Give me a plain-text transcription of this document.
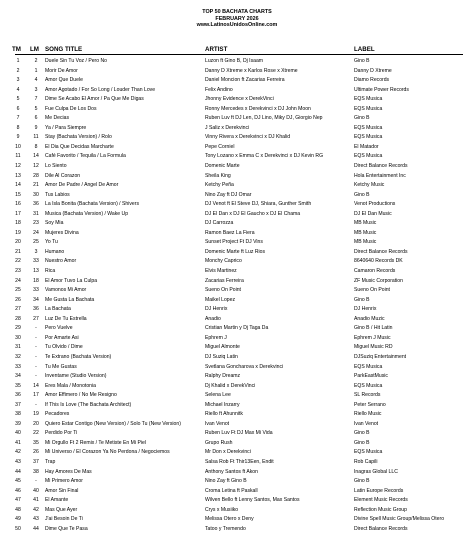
TOP 50 BACHATA CHARTS
FEBRUARY 2026
www.LatinosUnidosOnline.com
TM LM SONG TITLE	ARTIST	LABEL
1	2	Duele Sin Tu Voz / Pero No	Luzon ft Gino B, Dj Isaam	Gino B
2	1	Morir De Amor	Danny D Xtreme x Karlos Rose x Xtreme	Danny D Xtreme
3	4	Amor Que Duele	Daniel Moncion ft Zacarias Ferreira	Diamo Records
4	3	Amor Agotado / For So Long / Louder Than Love	Felix Andino	Ultimate Power Records
5	7	Dime Se Acabo El Amor / Pa Que Me Digas	Jhonny Evidence x DerekVinci	EQS Musica
6	5	Fue Culpa De Los Dos	Ronny Mercedes x Derekvinci x DJ John Moon	EQS Musica
7	6	Me Decias	Ruben Luv ft DJ Len, DJ Lino, Miky DJ, Giorgio Nep	Gino B
8	9	Ya / Para Siempre	J Saliz x Derekvinci	EQS Musica
9	11	Stay (Bachata Version) / Rolo	Vinny Rivera x Derekvinci x DJ Khalid	EQS Musica
10	8	El Dia Que Decidas Marcharte	Pepe Corniel	El Matador
11	14	Café Favorito / Tequila / La Formula	Tony Lozano x Emma C x Derekvinci x DJ Kevin RG	EQS Musica
12	12	Lo Siento	Domenic Marte	Direct Balance Records
13	28	Dile Al Corazon	Sheila King	Hola Entertainment Inc
14	21	Amor De Padre / Angel De Amor	Ketchy Peña	Ketchy Music
15	30	Tus Labios	Nino Zay ft DJ Omar	Gino B
16	36	La Isla Bonita (Bachata Version) / Shivers	DJ Venot ft El Steve DJ, Shiara, Gunther Smith	Venot Productions
17	31	Musica (Bachata Version) / Wake Up	DJ El Dan x DJ El Gaucho x DJ El Chama	DJ El Dan Music
18	23	Soy Mia	DJ Carrozza	MB Music
19	24	Mujeres Divina	Ramon Baez La Fiera	MB Music
20	25	Yo Tu	Sunset Project Ft DJ Vins	MB Music
21	3	Humano	Domenic Marte ft Luz Rios	Direct Balance Records
22	33	Nuestro Amor	Monchy Caprico	8640640 Records DK
23	13	Rica	Elvis Martinez	Camaron Records
24	18	El Amor Tuvo La Culpa	Zacarias Ferreira	ZF Music Corporation
25	33	Vamonos Mi Amor	Sueno On Point	Sueno On Point
26	34	Me Gusta La Bachata	Maikel Lopez	Gino B
27	36	La Bachata	DJ Henrix	DJ Henrix
28	27	Luz De Tu Estrella	Anadio	Anadio Muzic
29	-	Pero Vuelve	Cristian Martin y Dj Taga Da	Gino B / Hit Latin
30	-	Por Amarte Asi	Ephrem J	Ephrem J Music
31	-	Tu Olvido / Dime	Miguel Almonte	Miguel Music RD
32	-	Te Extrano (Bachata Version)	DJ Suziq Latin	DJSuziq Entertainment
33	-	Tu Me Gustas	Svetlana Goncharova x Derekvinci	EQS Musica
34	-	Inventame (Studio Version)	Ralphy Dreamz	ParkEastMusic
35	14	Eres Mala / Monotonia	Dj Khalid x DerekVinci	EQS Musica
36	17	Amor Effimero / No Me Resigno	Selena Lee	SL Records
37	-	If This Is Love (The Bachata Architect)	Michael Inzarry	Peter Serrano
38	19	Pecadores	Riello ft Ahunnitk	Riello Music
39	20	Quiero Estar Contigo (New Version) / Solo Tu (New Version)	Ivan Venot	Ivan Venot
40	22	Perdido Por Ti	Ruben Luv Ft DJ Max Mi Vida	Gino B
41	35	Mi Orgullo Ft 2 Remix / Te Metiste En Mi Piel	Grupo Rush	Gino B
42	26	Mi Universo / El Corazon Ya No Perdona / Negociemos	Mr Don x Derekvinci	EQS Musica
43	37	Trap	Salsa Rob Ft Thir13Een, Endit	Rob Capili
44	38	Hay Amores De Mas	Anthony Santos ft Akon	Inagras Global LLC
45	-	Mi Primero Amor	Nino Zay ft Gino B	Gino B
46	40	Amor Sin Final	Croma Letina ft Paskall	Latin Europe Records
47	41	El Amante	Wilven Bello ft Lenny Santos, Max Santos	Element Music Records
48	42	Mas Que Ayer	Crys x Musiiko	Reflection Music Group
49	43	J'ai Besoin De Ti	Melissa Otero x Deny	Divine Spell Music Group/Melissa Otero
50	44	Dime Que Te Pasa	Tatoo y Tremendo	Direct Balance Records
